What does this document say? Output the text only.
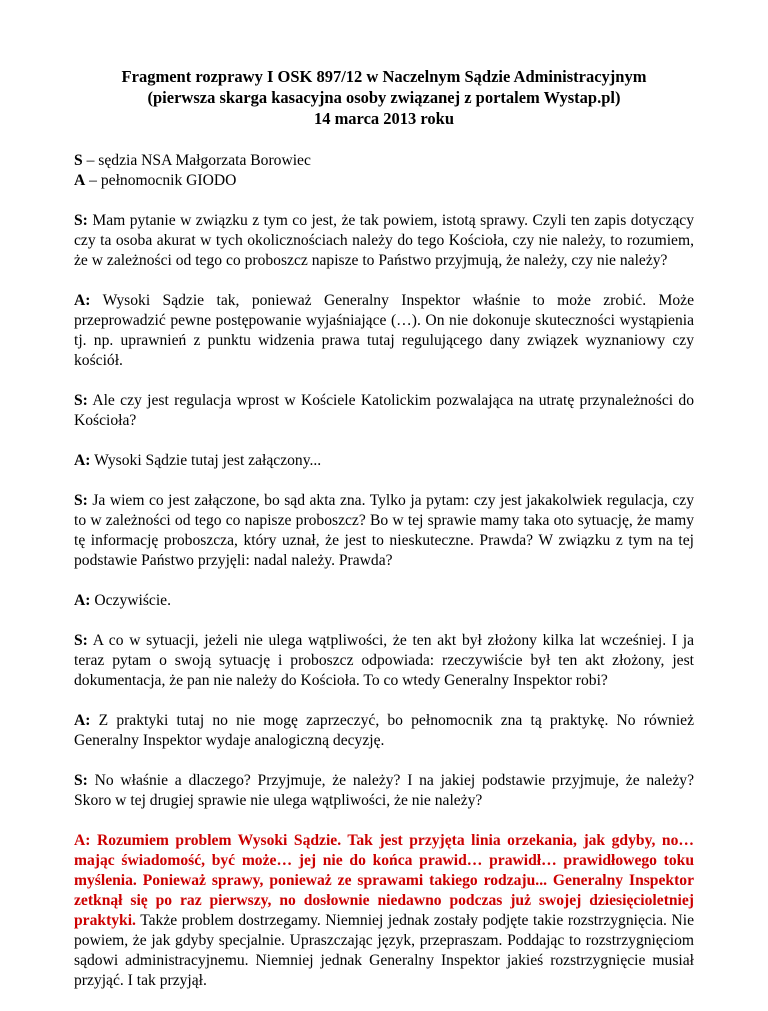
Fragment rozprawy I OSK 897/12 w Naczelnym Sądzie Administracyjnym
(pierwsza skarga kasacyjna osoby związanej z portalem Wystap.pl)
14 marca 2013 roku
S – sędzia NSA Małgorzata Borowiec
A – pełnomocnik GIODO
S: Mam pytanie w związku z tym co jest, że tak powiem, istotą sprawy. Czyli ten zapis dotyczący czy ta osoba akurat w tych okolicznościach należy do tego Kościoła, czy nie należy, to rozumiem, że w zależności od tego co proboszcz napisze to Państwo przyjmują, że należy, czy nie należy?
A: Wysoki Sądzie tak, ponieważ Generalny Inspektor właśnie to może zrobić. Może przeprowadzić pewne postępowanie wyjaśniające (…). On nie dokonuje skuteczności wystąpienia tj. np. uprawnień z punktu widzenia prawa tutaj regulującego dany związek wyznaniowy czy kościół.
S: Ale czy jest regulacja wprost w Kościele Katolickim pozwalająca na utratę przynależności do Kościoła?
A: Wysoki Sądzie tutaj jest załączony...
S: Ja wiem co jest załączone, bo sąd akta zna. Tylko ja pytam: czy jest jakakolwiek regulacja, czy to w zależności od tego co napisze proboszcz? Bo w tej sprawie mamy taka oto sytuację, że mamy tę informację proboszcza, który uznał, że jest to nieskuteczne. Prawda? W związku z tym na tej podstawie Państwo przyjęli: nadal należy. Prawda?
A: Oczywiście.
S: A co w sytuacji, jeżeli nie ulega wątpliwości, że ten akt był złożony kilka lat wcześniej. I ja teraz pytam o swoją sytuację i proboszcz odpowiada: rzeczywiście był ten akt złożony, jest dokumentacja, że pan nie należy do Kościoła. To co wtedy Generalny Inspektor robi?
A: Z praktyki tutaj no nie mogę zaprzeczyć, bo pełnomocnik zna tą praktykę. No również Generalny Inspektor wydaje analogiczną decyzję.
S: No właśnie a dlaczego? Przyjmuje, że należy? I na jakiej podstawie przyjmuje, że należy? Skoro w tej drugiej sprawie nie ulega wątpliwości, że nie należy?
A: Rozumiem problem Wysoki Sądzie. Tak jest przyjęta linia orzekania, jak gdyby, no… mając świadomość, być może… jej nie do końca prawid… prawidł… prawidłowego toku myślenia. Ponieważ sprawy, ponieważ ze sprawami takiego rodzaju... Generalny Inspektor zetknął się po raz pierwszy, no dosłownie niedawno podczas już swojej dziesięcioletniej praktyki. Także problem dostrzegamy. Niemniej jednak zostały podjęte takie rozstrzygnięcia. Nie powiem, że jak gdyby specjalnie. Upraszczając język, przepraszam. Poddając to rozstrzygnięciom sądowi administracyjnemu. Niemniej jednak Generalny Inspektor jakieś rozstrzygnięcie musiał przyjąć. I tak przyjął.
